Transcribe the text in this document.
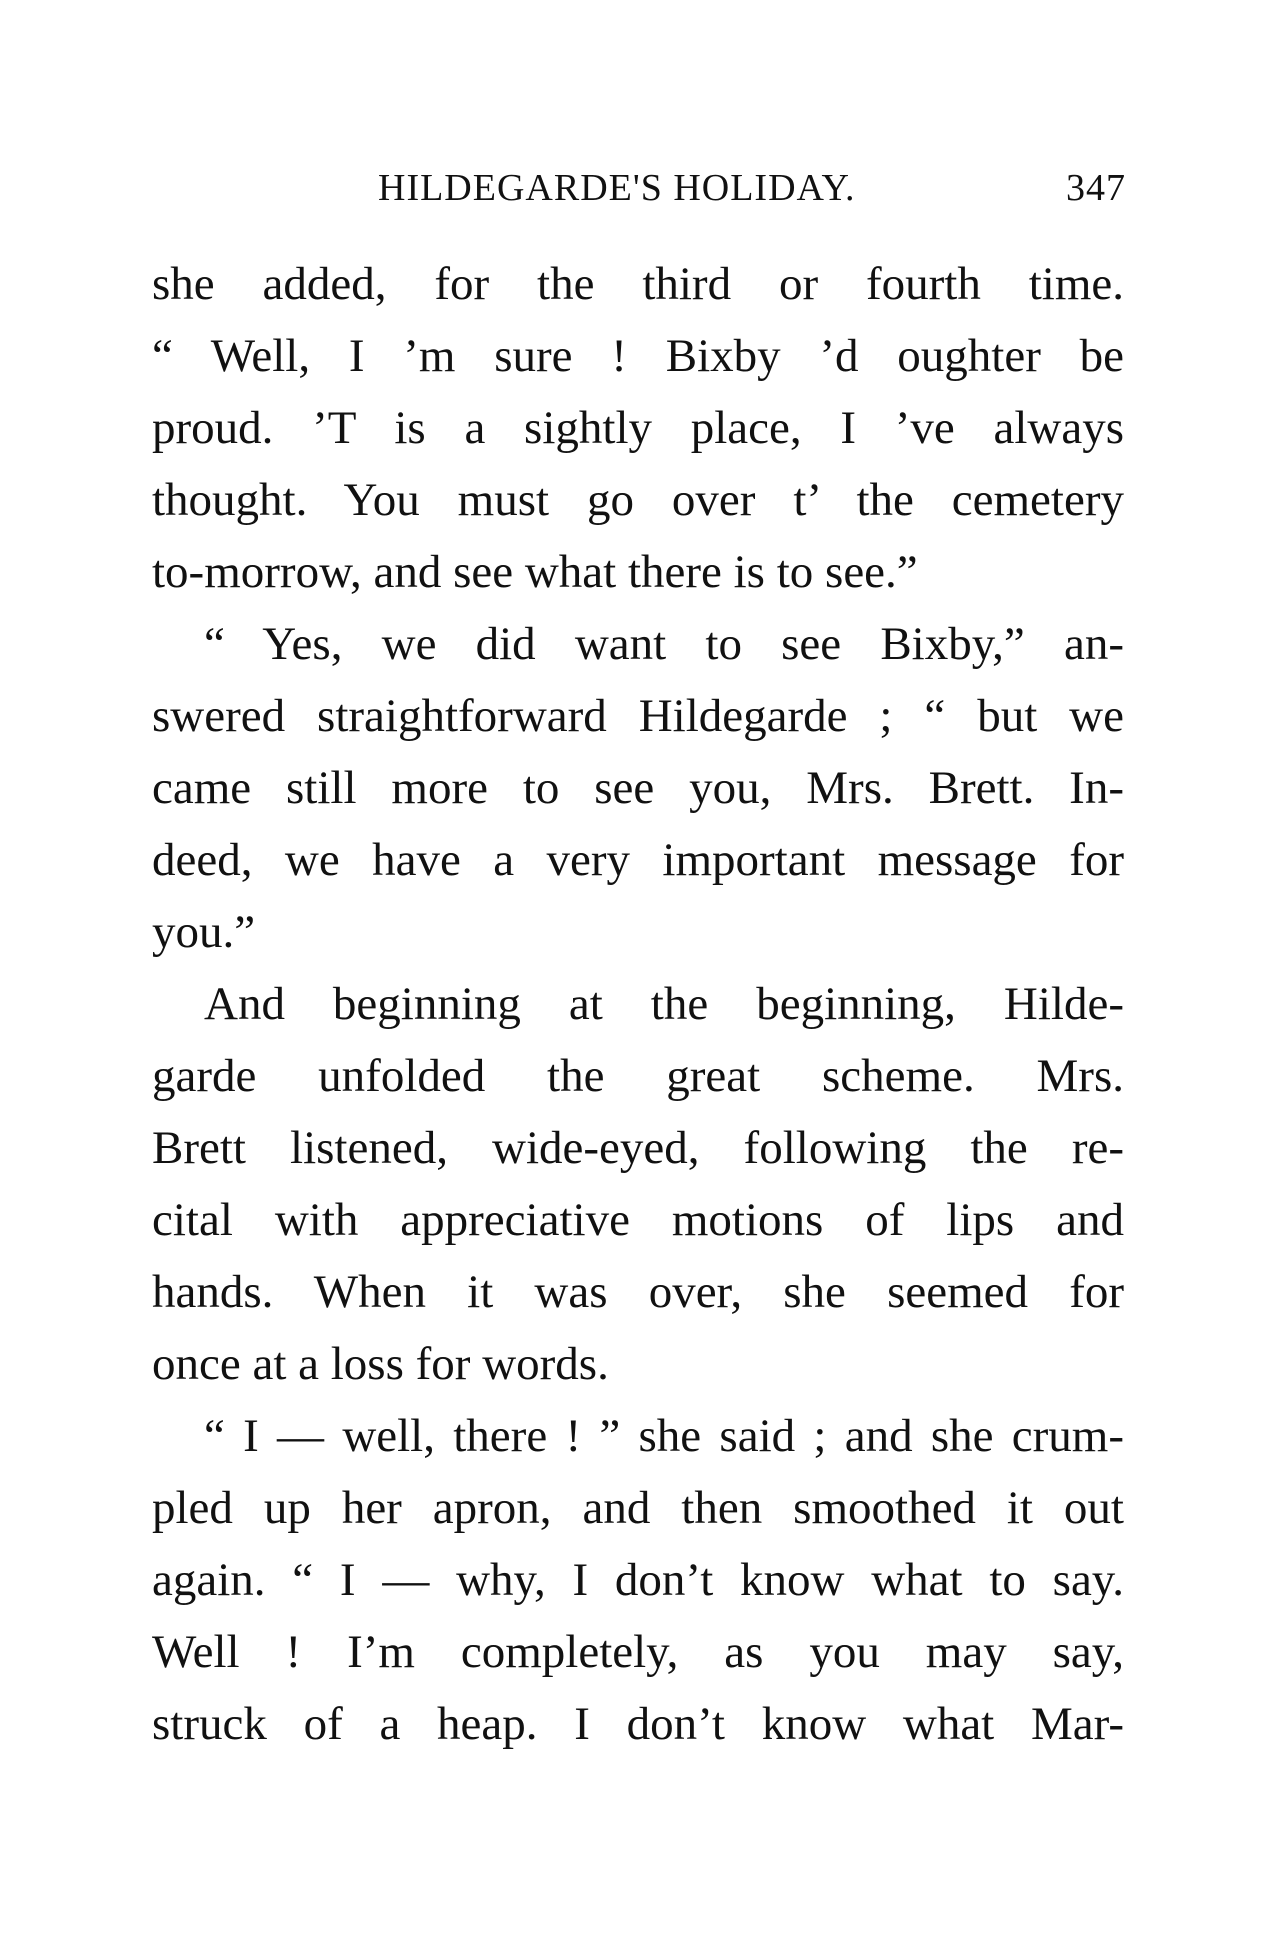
HILDEGARDE'S HOLIDAY.	347
she added, for the third or fourth time.
“ Well, I ’m sure ! Bixby ’d oughter be
proud. ’T is a sightly place, I ’ve always
thought. You must go over t’ the cemetery
to-morrow, and see what there is to see.”
“ Yes, we did want to see Bixby,” an-
swered straightforward Hildegarde ; “ but we
came still more to see you, Mrs. Brett. In-
deed, we have a very important message for
you.”
And beginning at the beginning, Hilde-
garde unfolded the great scheme. Mrs.
Brett listened, wide-eyed, following the re-
cital with appreciative motions of lips and
hands. When it was over, she seemed for
once at a loss for words.
“ I — well, there ! ” she said ; and she crum-
pled up her apron, and then smoothed it out
again. “ I — why, I don’t know what to say.
Well ! I’m completely, as you may say,
struck of a heap. I don’t know what Mar-
